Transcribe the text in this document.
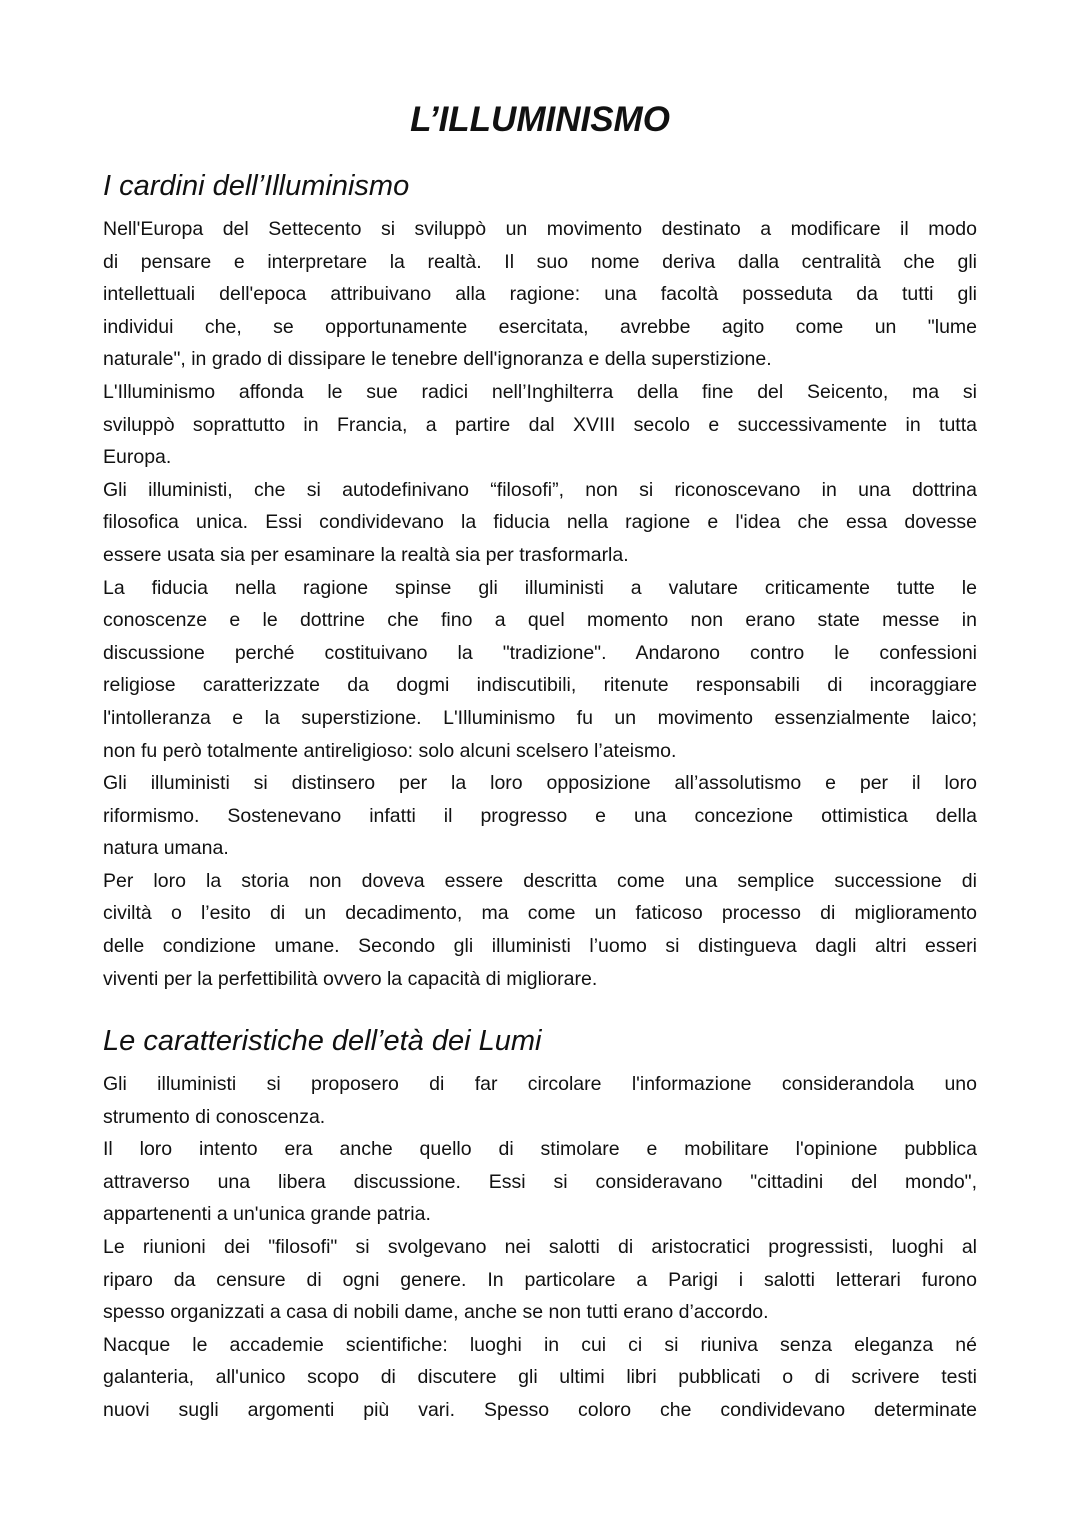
L’ILLUMINISMO
I cardini dell’Illuminismo
Nell'Europa del Settecento si sviluppò un movimento destinato a modificare il modo
di pensare e interpretare la realtà. Il suo nome deriva dalla centralità che gli
intellettuali dell'epoca attribuivano alla ragione: una facoltà posseduta da tutti gli
individui che, se opportunamente esercitata, avrebbe agito come un "lume
naturale", in grado di dissipare le tenebre dell'ignoranza e della superstizione.
L'Illuminismo affonda le sue radici nell’Inghilterra della fine del Seicento, ma si
sviluppò soprattutto in Francia, a partire dal XVIII secolo e successivamente in tutta
Europa.
Gli illuministi, che si autodefinivano “filosofi”, non si riconoscevano in una dottrina
filosofica unica. Essi condividevano la fiducia nella ragione e l'idea che essa dovesse
essere usata sia per esaminare la realtà sia per trasformarla.
La fiducia nella ragione spinse gli illuministi a valutare criticamente tutte le
conoscenze e le dottrine che fino a quel momento non erano state messe in
discussione perché costituivano la "tradizione". Andarono contro le confessioni
religiose caratterizzate da dogmi indiscutibili, ritenute responsabili di incoraggiare
l'intolleranza e la superstizione. L'Illuminismo fu un movimento essenzialmente laico;
non fu però totalmente antireligioso: solo alcuni scelsero l’ateismo.
Gli illuministi si distinsero per la loro opposizione all’assolutismo e per il loro
riformismo. Sostenevano infatti il progresso e una concezione ottimistica della
natura umana.
Per loro la storia non doveva essere descritta come una semplice successione di
civiltà o l’esito di un decadimento, ma come un faticoso processo di miglioramento
delle condizione umane. Secondo gli illuministi l’uomo si distingueva dagli altri esseri
viventi per la perfettibilità ovvero la capacità di migliorare.
Le caratteristiche dell’età dei Lumi
Gli illuministi si proposero di far circolare l'informazione considerandola uno
strumento di conoscenza.
Il loro intento era anche quello di stimolare e mobilitare l'opinione pubblica
attraverso una libera discussione. Essi si consideravano "cittadini del mondo",
appartenenti a un'unica grande patria.
Le riunioni dei "filosofi" si svolgevano nei salotti di aristocratici progressisti, luoghi al
riparo da censure di ogni genere. In particolare a Parigi i salotti letterari furono
spesso organizzati a casa di nobili dame, anche se non tutti erano d’accordo.
Nacque le accademie scientifiche: luoghi in cui ci si riuniva senza eleganza né
galanteria, all'unico scopo di discutere gli ultimi libri pubblicati o di scrivere testi
nuovi sugli argomenti più vari. Spesso coloro che condividevano determinate
